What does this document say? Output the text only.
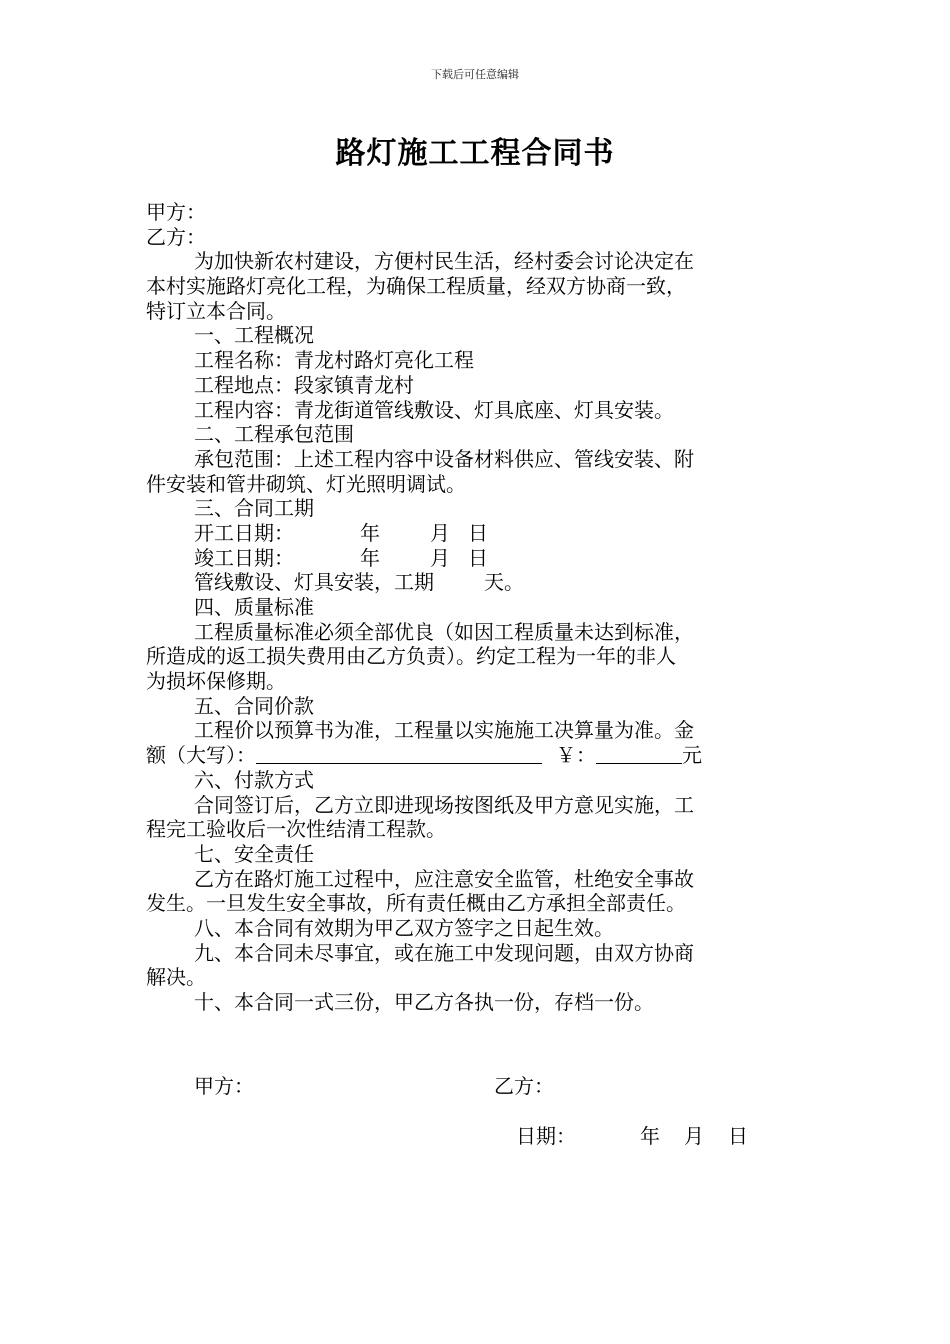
下载后可任意编辑
路灯施工工程合同书
甲方：
乙方：
为加快新农村建设，方便村民生活，经村委会讨论决定在
本村实施路灯亮化工程，为确保工程质量，经双方协商一致，
特订立本合同。
一、工程概况
工程名称：青龙村路灯亮化工程
工程地点：段家镇青龙村
工程内容：青龙街道管线敷设、灯具底座、灯具安装。
二、工程承包范围
承包范围：上述工程内容中设备材料供应、管线安装、附
件安装和管井砌筑、灯光照明调试。
三、合同工期
开工日期：	年	月 日
竣工日期：	年	月 日
管线敷设、灯具安装，工期	天。
四、质量标准
工程质量标准必须全部优良（如因工程质量未达到标准，
所造成的返工损失费用由乙方负责）。约定工程为一年的非人
为损坏保修期。
五、合同价款
工程价以预算书为准，工程量以实施施工决算量为准。金
额（大写）：	￥：	元
六、付款方式
合同签订后，乙方立即进现场按图纸及甲方意见实施，工
程完工验收后一次性结清工程款。
七、安全责任
乙方在路灯施工过程中，应注意安全监管，杜绝安全事故
发生。一旦发生安全事故，所有责任概由乙方承担全部责任。
八、本合同有效期为甲乙双方签字之日起生效。
九、本合同未尽事宜，或在施工中发现问题，由双方协商
解决。
十、本合同一式三份，甲乙方各执一份，存档一份。
甲方：	乙方：
日期：	年 月 日
